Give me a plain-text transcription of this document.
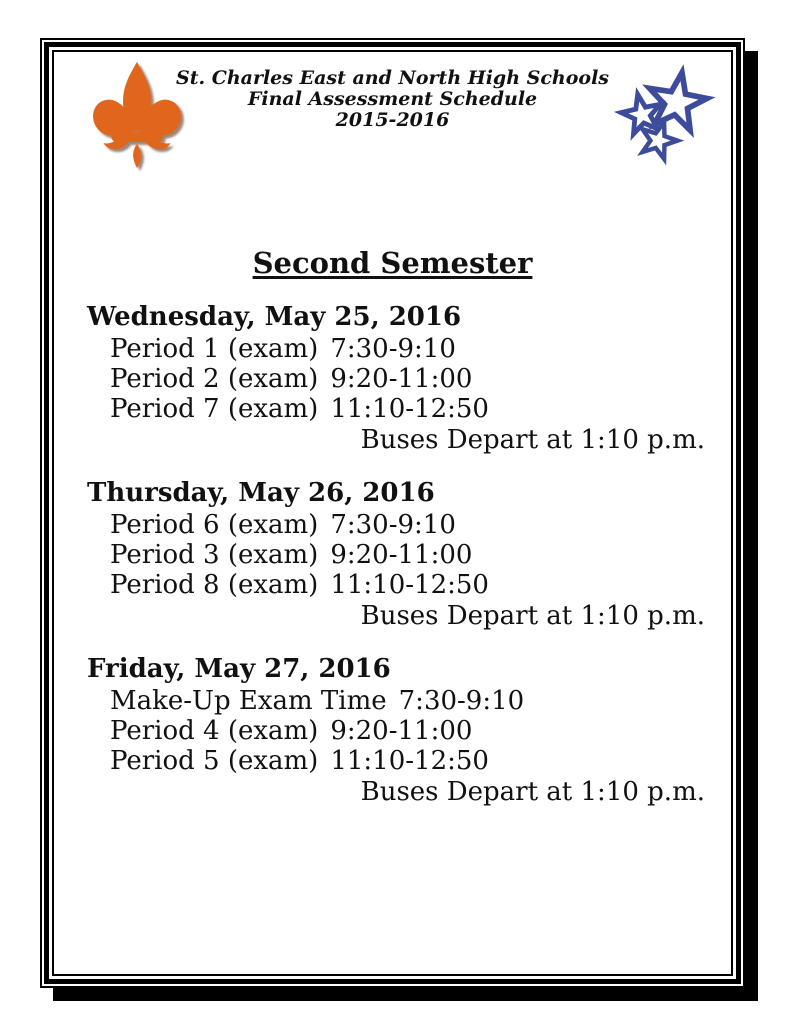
St. Charles East and North High Schools
Final Assessment Schedule
2015-2016
Second Semester
Wednesday, May 25, 2016
Period 1 (exam) 7:30-9:10
Period 2 (exam) 9:20-11:00
Period 7 (exam) 11:10-12:50
Buses Depart at 1:10 p.m.
Thursday, May 26, 2016
Period 6 (exam) 7:30-9:10
Period 3 (exam) 9:20-11:00
Period 8 (exam) 11:10-12:50
Buses Depart at 1:10 p.m.
Friday, May 27, 2016
Make-Up Exam Time 7:30-9:10
Period 4 (exam) 9:20-11:00
Period 5 (exam) 11:10-12:50
Buses Depart at 1:10 p.m.
